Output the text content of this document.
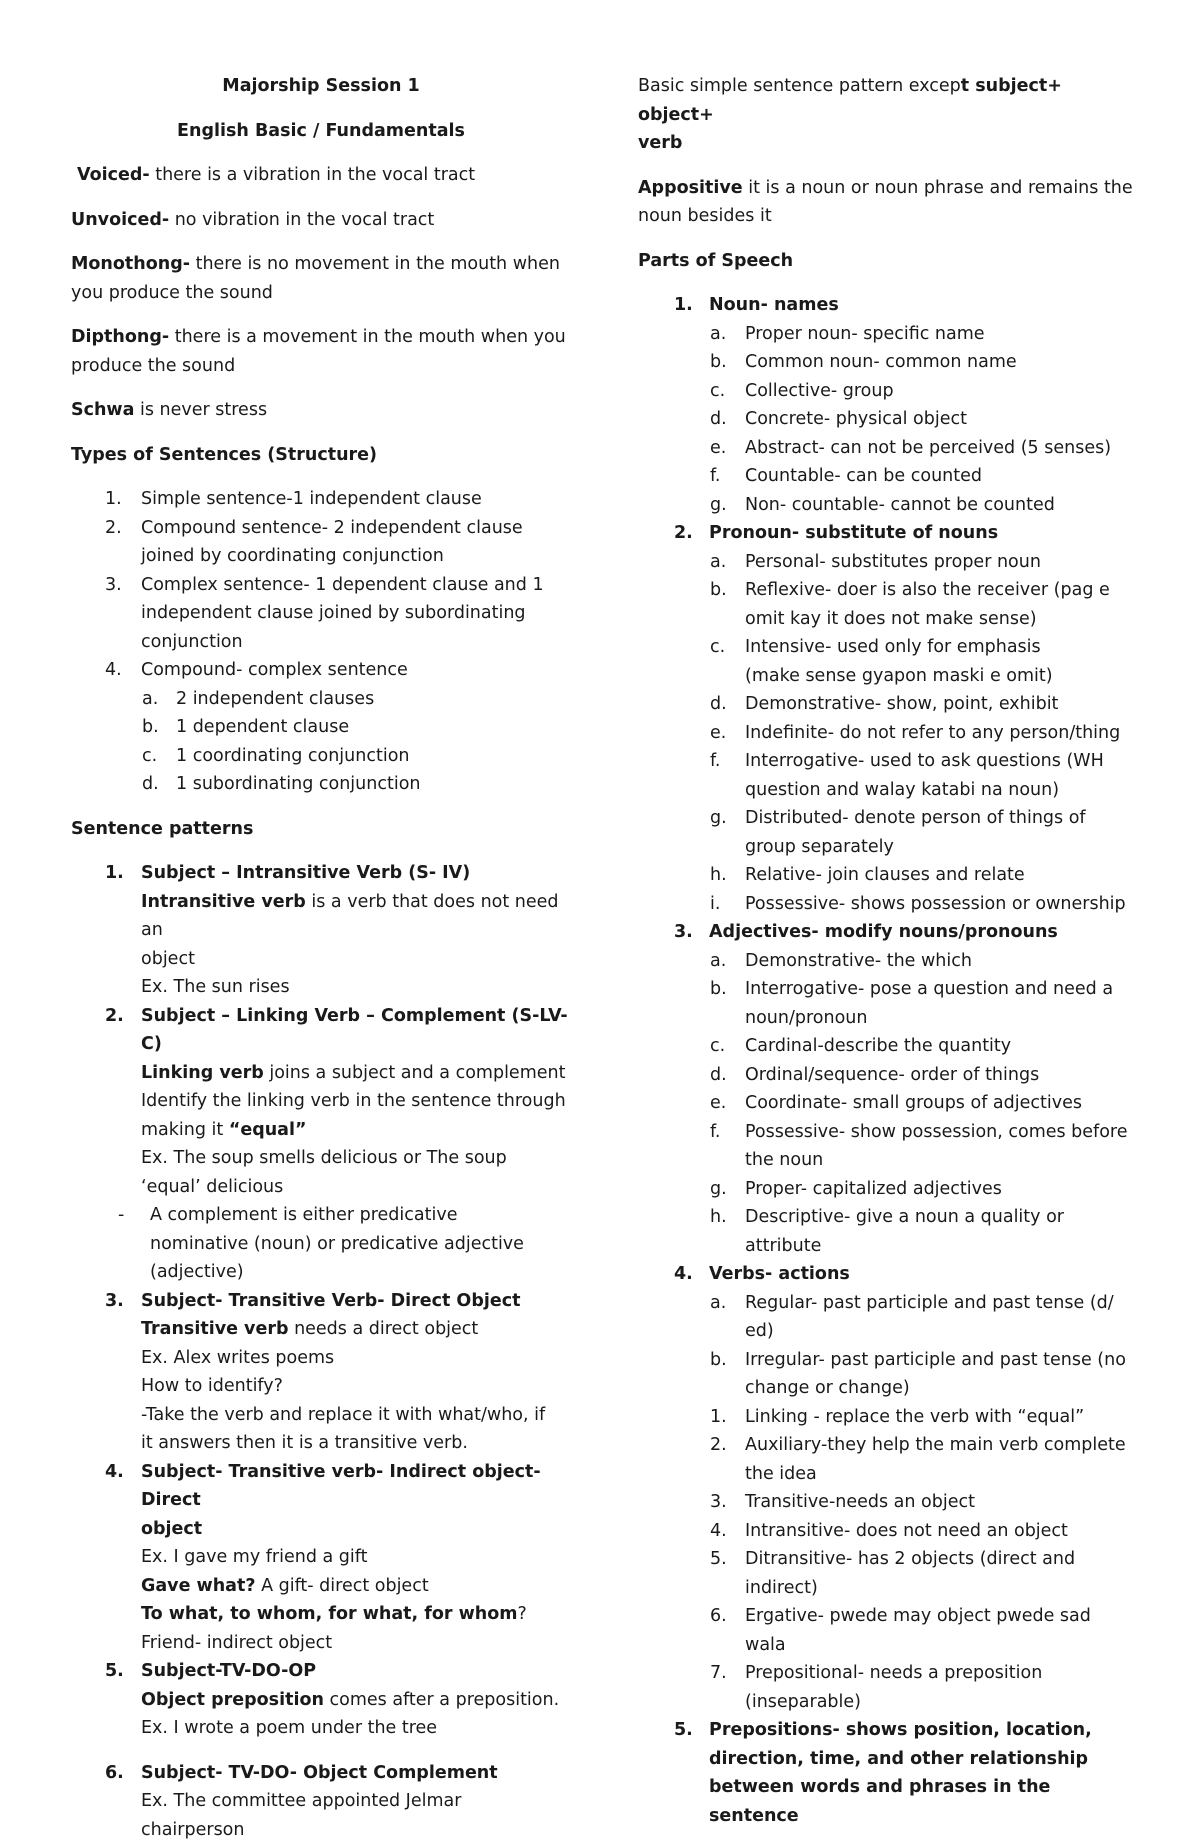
Majorship Session 1
English Basic / Fundamentals
Voiced- there is a vibration in the vocal tract
Unvoiced- no vibration in the vocal tract
Monothong- there is no movement in the mouth when
you produce the sound
Dipthong- there is a movement in the mouth when you
produce the sound
Schwa is never stress
Types of Sentences (Structure)
1. Simple sentence-1 independent clause
2. Compound sentence- 2 independent clause
joined by coordinating conjunction
3. Complex sentence- 1 dependent clause and 1
independent clause joined by subordinating
conjunction
4. Compound- complex sentence
a. 2 independent clauses
b. 1 dependent clause
c. 1 coordinating conjunction
d. 1 subordinating conjunction
Sentence patterns
1. Subject – Intransitive Verb (S- IV)
Intransitive verb is a verb that does not need an
object
Ex. The sun rises
2. Subject – Linking Verb – Complement (S-LV- C)
Linking verb joins a subject and a complement
Identify the linking verb in the sentence through
making it “equal”
Ex. The soup smells delicious or The soup
‘equal’ delicious
- A complement is either predicative
nominative (noun) or predicative adjective
(adjective)
3. Subject- Transitive Verb- Direct Object
Transitive verb needs a direct object
Ex. Alex writes poems
How to identify?
-Take the verb and replace it with what/who, if
it answers then it is a transitive verb.
4. Subject- Transitive verb- Indirect object- Direct
object
Ex. I gave my friend a gift
Gave what? A gift- direct object
To what, to whom, for what, for whom?
Friend- indirect object
5. Subject-TV-DO-OP
Object preposition comes after a preposition.
Ex. I wrote a poem under the tree
6. Subject- TV-DO- Object Complement
Ex. The committee appointed Jelmar
chairperson
Basic simple sentence pattern except subject+ object+
verb
Appositive it is a noun or noun phrase and remains the
noun besides it
Parts of Speech
1. Noun- names
a. Proper noun- specific name
b. Common noun- common name
c. Collective- group
d. Concrete- physical object
e. Abstract- can not be perceived (5 senses)
f. Countable- can be counted
g. Non- countable- cannot be counted
2. Pronoun- substitute of nouns
a. Personal- substitutes proper noun
b. Reflexive- doer is also the receiver (pag e
omit kay it does not make sense)
c. Intensive- used only for emphasis
(make sense gyapon maski e omit)
d. Demonstrative- show, point, exhibit
e. Indefinite- do not refer to any person/thing
f. Interrogative- used to ask questions (WH
question and walay katabi na noun)
g. Distributed- denote person of things of
group separately
h. Relative- join clauses and relate
i. Possessive- shows possession or ownership
3. Adjectives- modify nouns/pronouns
a. Demonstrative- the which
b. Interrogative- pose a question and need a
noun/pronoun
c. Cardinal-describe the quantity
d. Ordinal/sequence- order of things
e. Coordinate- small groups of adjectives
f. Possessive- show possession, comes before
the noun
g. Proper- capitalized adjectives
h. Descriptive- give a noun a quality or
attribute
4. Verbs- actions
a. Regular- past participle and past tense (d/
ed)
b. Irregular- past participle and past tense (no
change or change)
1. Linking - replace the verb with “equal”
2. Auxiliary-they help the main verb complete
the idea
3. Transitive-needs an object
4. Intransitive- does not need an object
5. Ditransitive- has 2 objects (direct and
indirect)
6. Ergative- pwede may object pwede sad
wala
7. Prepositional- needs a preposition
(inseparable)
5. Prepositions- shows position, location,
direction, time, and other relationship
between words and phrases in the sentence
